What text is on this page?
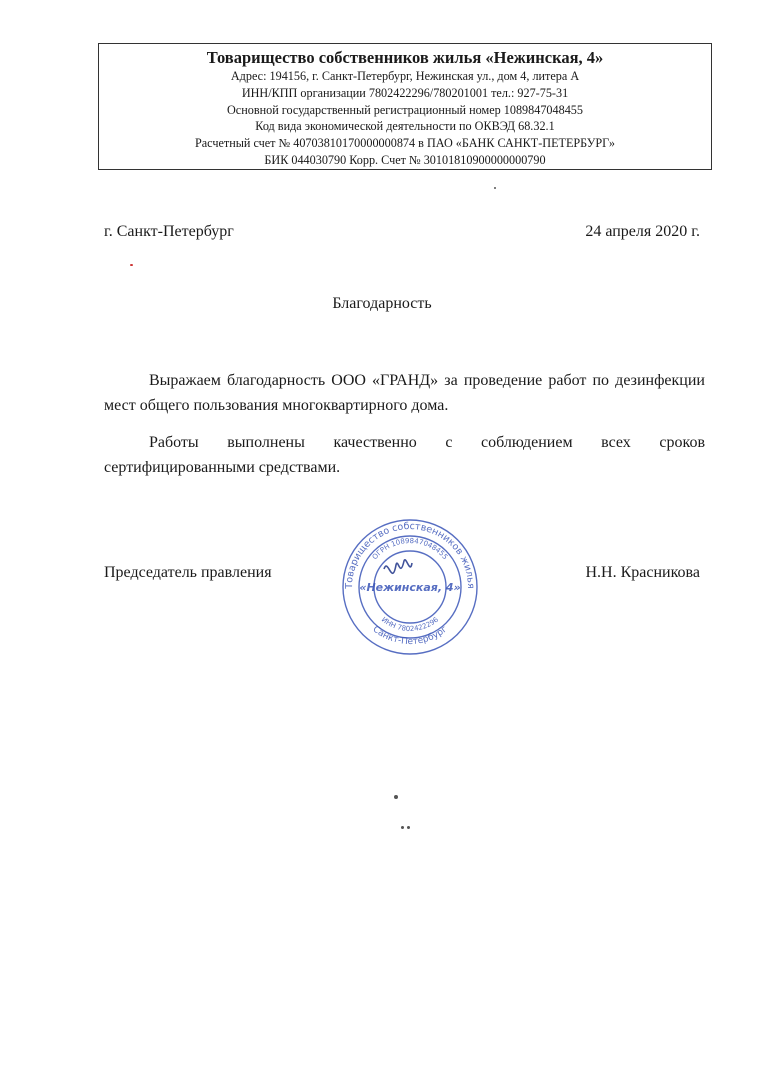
Товарищество собственников жилья «Нежинская, 4»
Адрес: 194156, г. Санкт-Петербург, Нежинская ул., дом 4, литера А
ИНН/КПП организации 7802422296/780201001 тел.: 927-75-31
Основной государственный регистрационный номер 1089847048455
Код вида экономической деятельности по ОКВЭД 68.32.1
Расчетный счет № 40703810170000000874 в ПАО «БАНК САНКТ-ПЕТЕРБУРГ»
БИК 044030790 Корр. Счет № 30101810900000000790
г. Санкт-Петербург	24 апреля 2020 г.
Благодарность
Выражаем благодарность ООО «ГРАНД» за проведение работ по дезинфекции мест общего пользования многоквартирного дома.
Работы выполнены качественно с соблюдением всех сроков сертифицированными средствами.
Председатель правления	Н.Н. Красникова
Товарищество собственников жилья
ОГРН 1089847048455
«Нежинская, 4»
ИНН 7802422296
Санкт-Петербург
